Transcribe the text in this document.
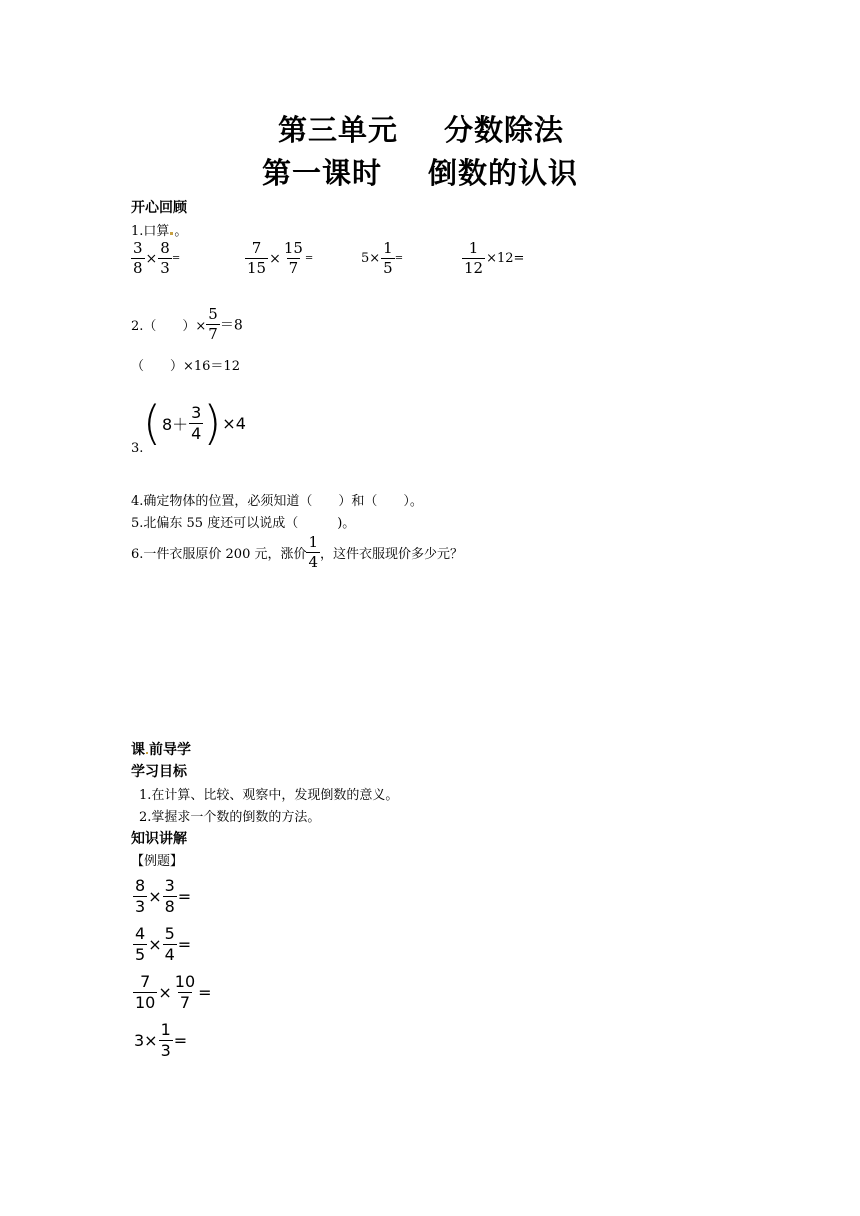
第三单元 分数除法
第一课时 倒数的认识
开心回顾
1.口算 。
$\frac{3}{8} \times \frac{8}{3}$ =	$\frac{7}{15} \times \frac{15}{7}$ =	$5\times \frac{1}{5}$ =	$\frac{1}{12} \times 12=$
2.（　　）× $\frac{5}{7} =8$
（　　）×16＝12
3. $(8+ \frac{3}{4} )\times 4$
4.确定物体的位置，必须知道（　　）和（　　）。
5.北偏东 55 度还可以说成（　　　)。
6.一件衣服原价 200 元，涨价 $\frac{1}{4}$ ，这件衣服现价多少元？
课 前导学
学习目标
1.在计算、比较、观察中，发现倒数的意义。
2.掌握求一个数的倒数的方法。
知识讲解
【例题】
$\frac{8}{3} \times \frac{3}{8}$ =
$\frac{4}{5} \times \frac{5}{4}$ =
$\frac{7}{10} \times \frac{10}{7}$ =
$3\times \frac{1}{3}$ =
